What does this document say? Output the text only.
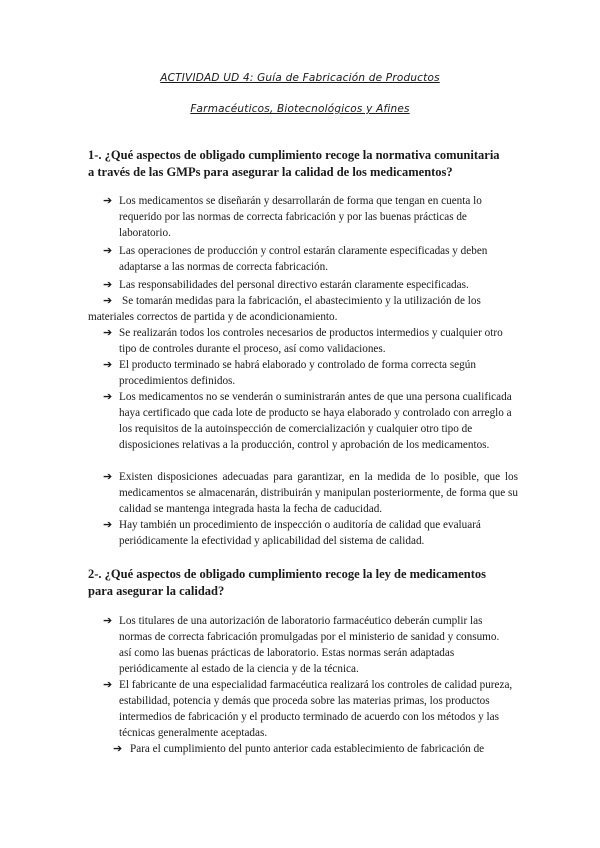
ACTIVIDAD UD 4: Guía de Fabricación de Productos
Farmacéuticos, Biotecnológicos y Afines
1-. ¿Qué aspectos de obligado cumplimiento recoge la normativa comunitaria a través de las GMPs para asegurar la calidad de los medicamentos?
➔ Los medicamentos se diseñarán y desarrollarán de forma que tengan en cuenta lo requerido por las normas de correcta fabricación y por las buenas prácticas de laboratorio.
➔ Las operaciones de producción y control estarán claramente especificadas y deben adaptarse a las normas de correcta fabricación.
➔ Las responsabilidades del personal directivo estarán claramente especificadas.
➔ Se tomarán medidas para la fabricación, el abastecimiento y la utilización de los materiales correctos de partida y de acondicionamiento.
➔ Se realizarán todos los controles necesarios de productos intermedios y cualquier otro tipo de controles durante el proceso, así como validaciones.
➔ El producto terminado se habrá elaborado y controlado de forma correcta según procedimientos definidos.
➔ Los medicamentos no se venderán o suministrarán antes de que una persona cualificada haya certificado que cada lote de producto se haya elaborado y controlado con arreglo a los requisitos de la autoinspección de comercialización y cualquier otro tipo de disposiciones relativas a la producción, control y aprobación de los medicamentos.
➔ Existen disposiciones adecuadas para garantizar, en la medida de lo posible, que los medicamentos se almacenarán, distribuirán y manipulan posteriormente, de forma que su calidad se mantenga integrada hasta la fecha de caducidad.
➔ Hay también un procedimiento de inspección o auditoría de calidad que evaluará periódicamente la efectividad y aplicabilidad del sistema de calidad.
2-. ¿Qué aspectos de obligado cumplimiento recoge la ley de medicamentos para asegurar la calidad?
➔ Los titulares de una autorización de laboratorio farmacéutico deberán cumplir las normas de correcta fabricación promulgadas por el ministerio de sanidad y consumo. así como las buenas prácticas de laboratorio. Estas normas serán adaptadas periódicamente al estado de la ciencia y de la técnica.
➔ El fabricante de una especialidad farmacéutica realizará los controles de calidad pureza, estabilidad, potencia y demás que proceda sobre las materias primas, los productos intermedios de fabricación y el producto terminado de acuerdo con los métodos y las técnicas generalmente aceptadas.
➔ Para el cumplimiento del punto anterior cada establecimiento de fabricación de
